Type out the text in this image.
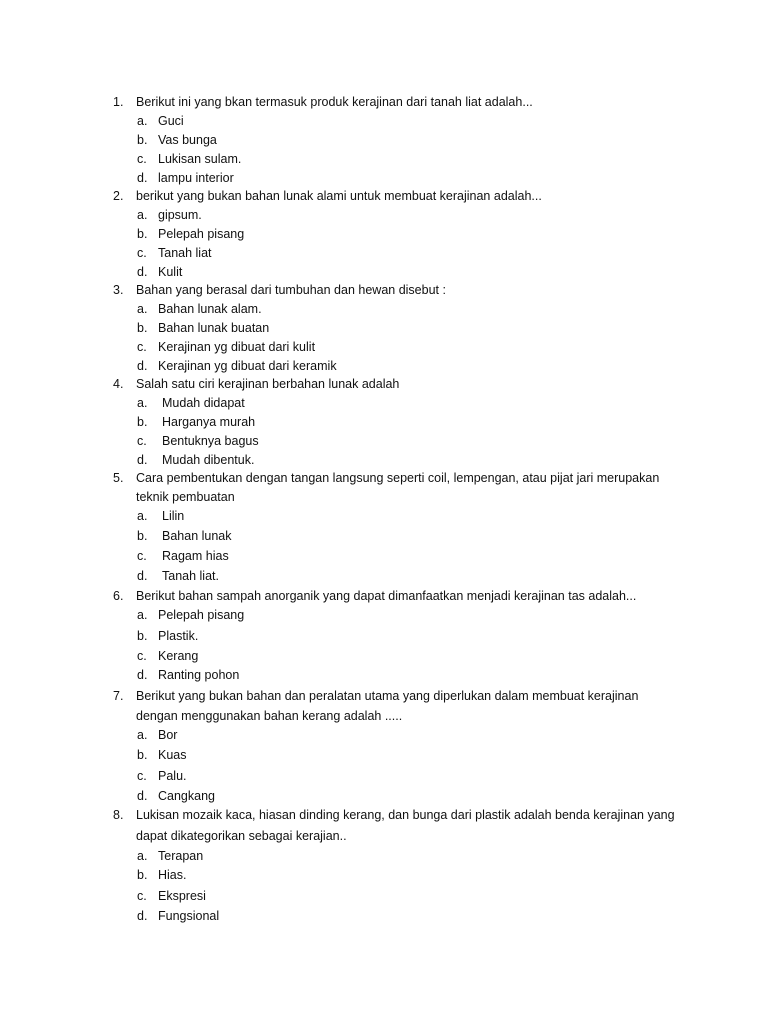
1. Berikut ini yang bkan termasuk produk kerajinan dari tanah liat adalah...
a. Guci
b. Vas bunga
c. Lukisan sulam.
d. lampu interior
2. berikut yang bukan bahan lunak alami untuk membuat kerajinan adalah...
a. gipsum.
b. Pelepah pisang
c. Tanah liat
d. Kulit
3. Bahan yang berasal dari tumbuhan dan hewan disebut :
a. Bahan lunak alam.
b. Bahan lunak buatan
c. Kerajinan yg dibuat dari kulit
d. Kerajinan yg dibuat dari keramik
4. Salah satu ciri kerajinan berbahan lunak adalah
a. Mudah didapat
b. Harganya murah
c. Bentuknya bagus
d. Mudah dibentuk.
5. Cara pembentukan dengan tangan langsung seperti coil, lempengan, atau pijat jari merupakan
teknik pembuatan
a. Lilin
b. Bahan lunak
c. Ragam hias
d. Tanah liat.
6. Berikut bahan sampah anorganik yang dapat dimanfaatkan menjadi kerajinan tas adalah...
a. Pelepah pisang
b. Plastik.
c. Kerang
d. Ranting pohon
7. Berikut yang bukan bahan dan peralatan utama yang diperlukan dalam membuat kerajinan
dengan menggunakan bahan kerang adalah .....
a. Bor
b. Kuas
c. Palu.
d. Cangkang
8. Lukisan mozaik kaca, hiasan dinding kerang, dan bunga dari plastik adalah benda kerajinan yang
dapat dikategorikan sebagai kerajian..
a. Terapan
b. Hias.
c. Ekspresi
d. Fungsional
